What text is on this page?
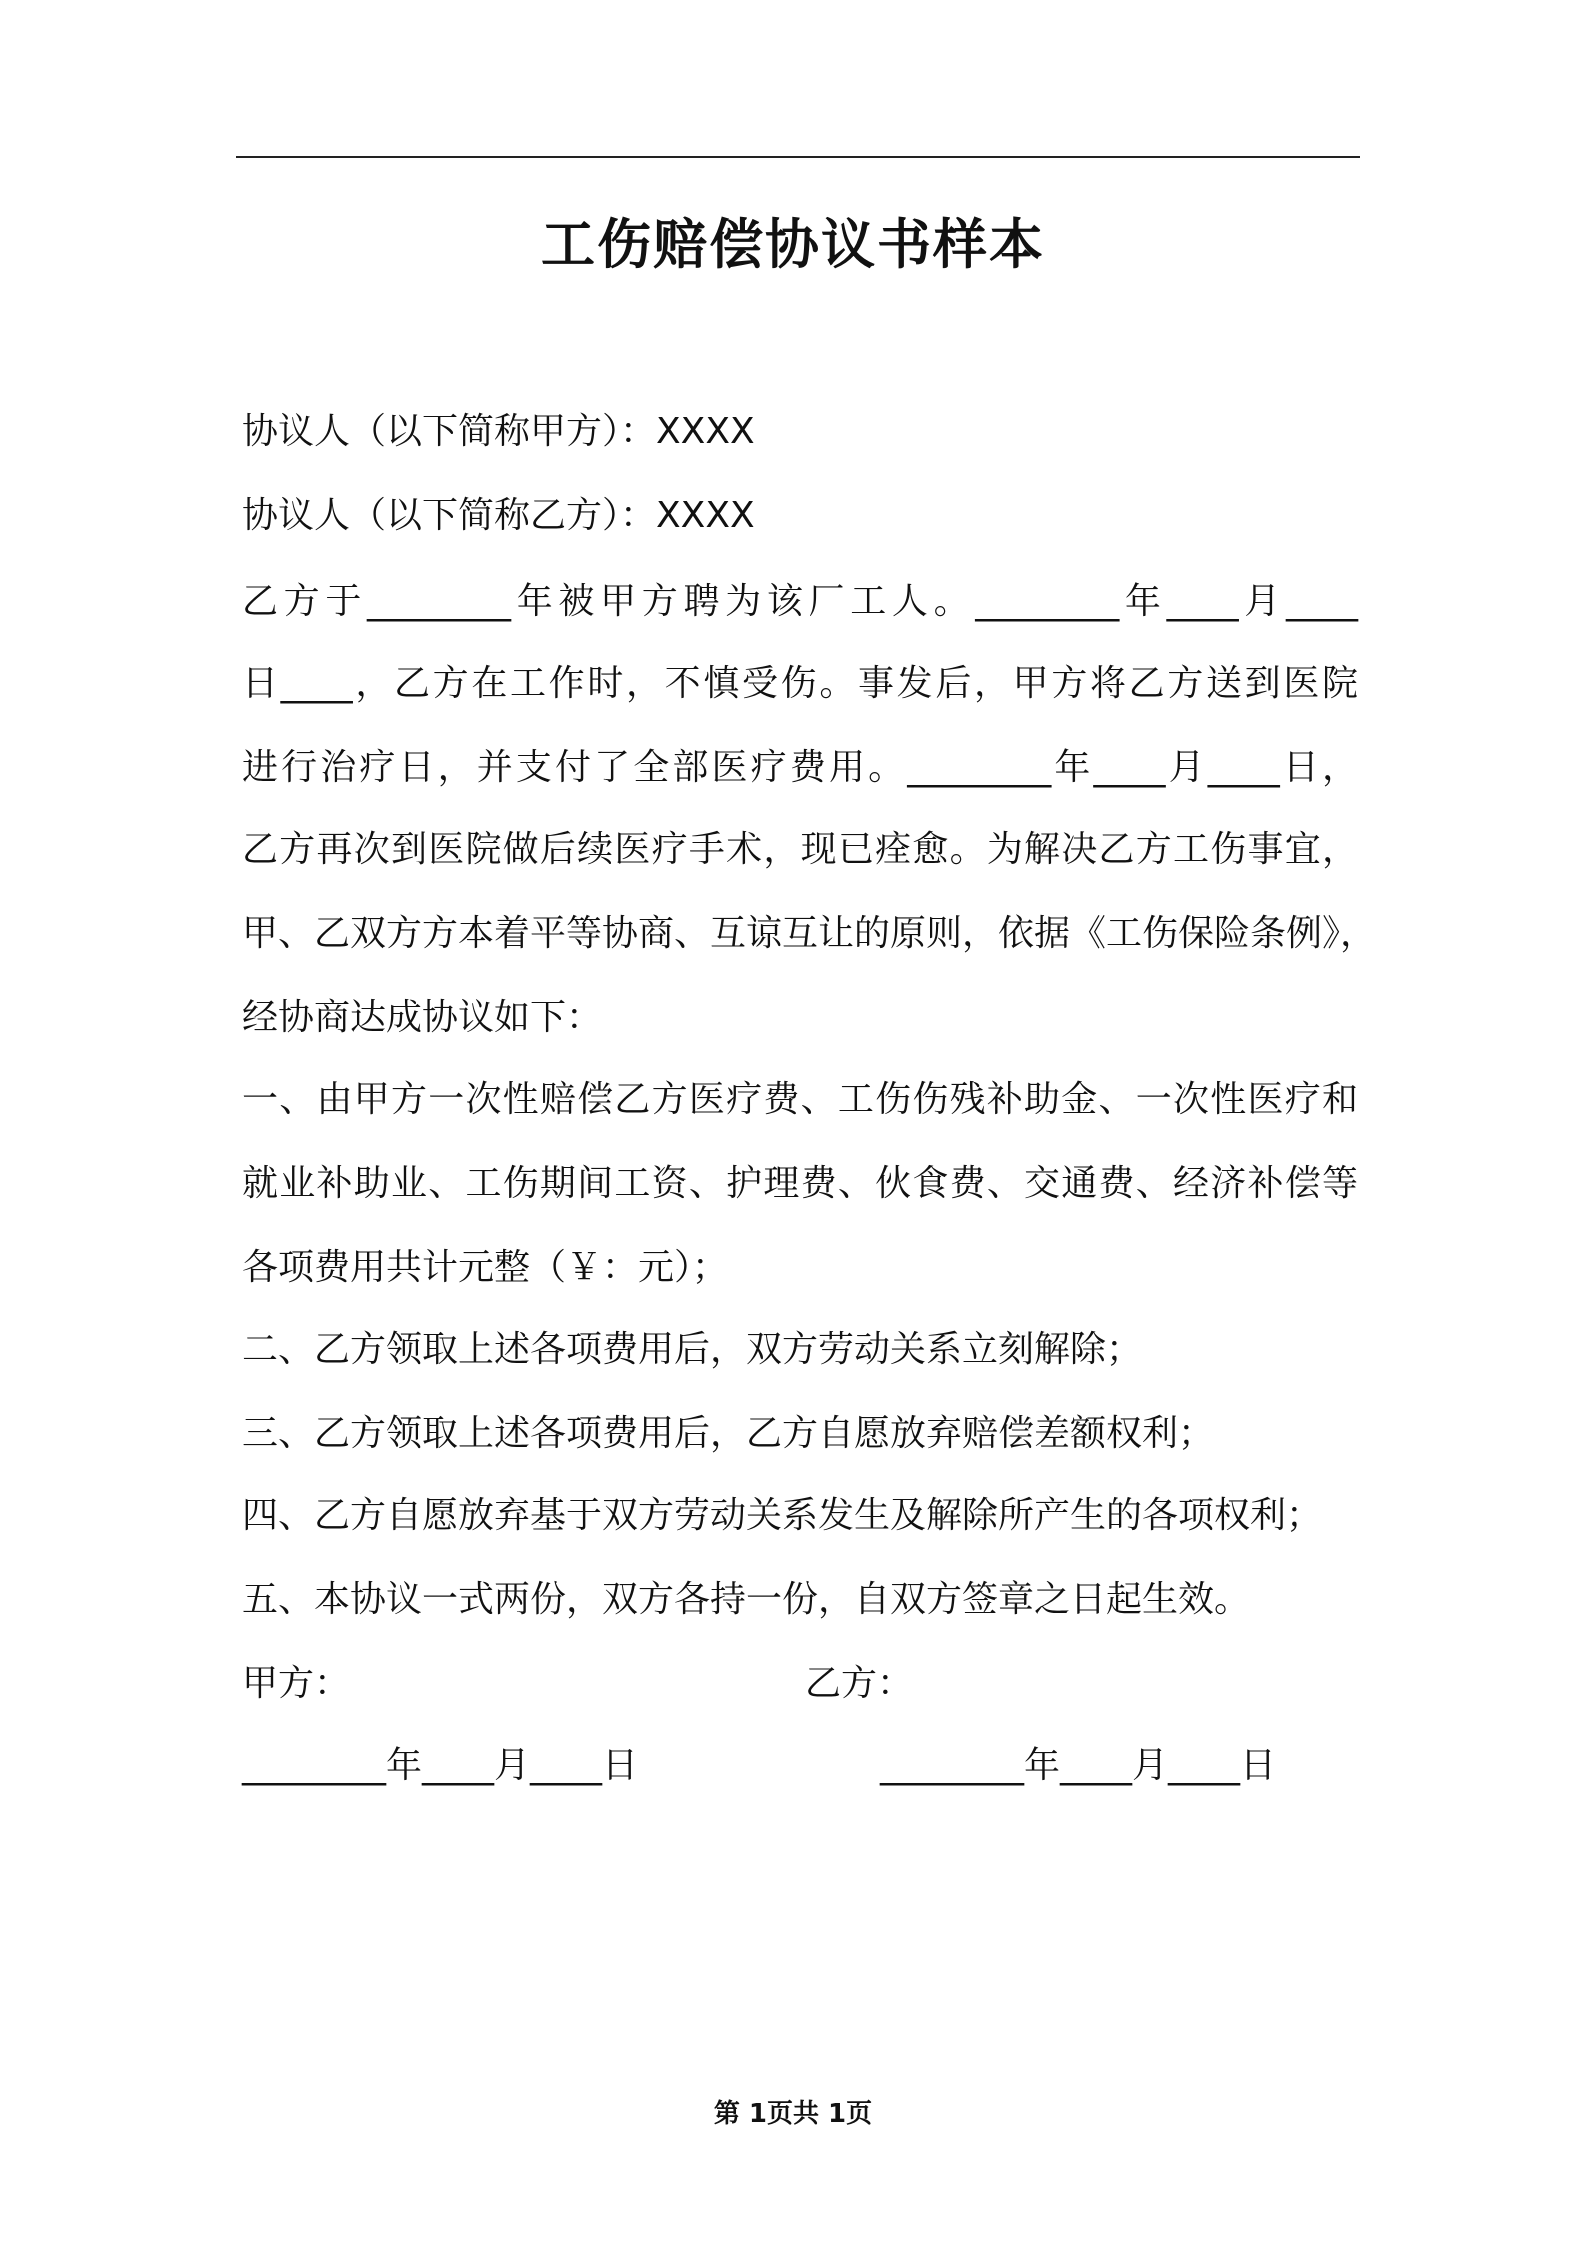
工伤赔偿协议书样本
协议人（以下简称甲方）：XXXX
协议人（以下简称乙方）：XXXX
乙方于________年被甲方聘为该厂工人。________年____月____
日____，乙方在工作时，不慎受伤。事发后，甲方将乙方送到医院
进行治疗日，并支付了全部医疗费用。________年____月____日，
乙方再次到医院做后续医疗手术，现已痊愈。为解决乙方工伤事宜，
甲、乙双方方本着平等协商、互谅互让的原则，依据《工伤保险条例》，
经协商达成协议如下：
一、由甲方一次性赔偿乙方医疗费、工伤伤残补助金、一次性医疗和
就业补助业、工伤期间工资、护理费、伙食费、交通费、经济补偿等
各项费用共计元整（￥：元）；
二、乙方领取上述各项费用后，双方劳动关系立刻解除；
三、乙方领取上述各项费用后，乙方自愿放弃赔偿差额权利；
四、乙方自愿放弃基于双方劳动关系发生及解除所产生的各项权利；
五、本协议一式两份，双方各持一份，自双方签章之日起生效。
甲方：	乙方：
________年____月____日	________年____月____日
第 1页共 1页
